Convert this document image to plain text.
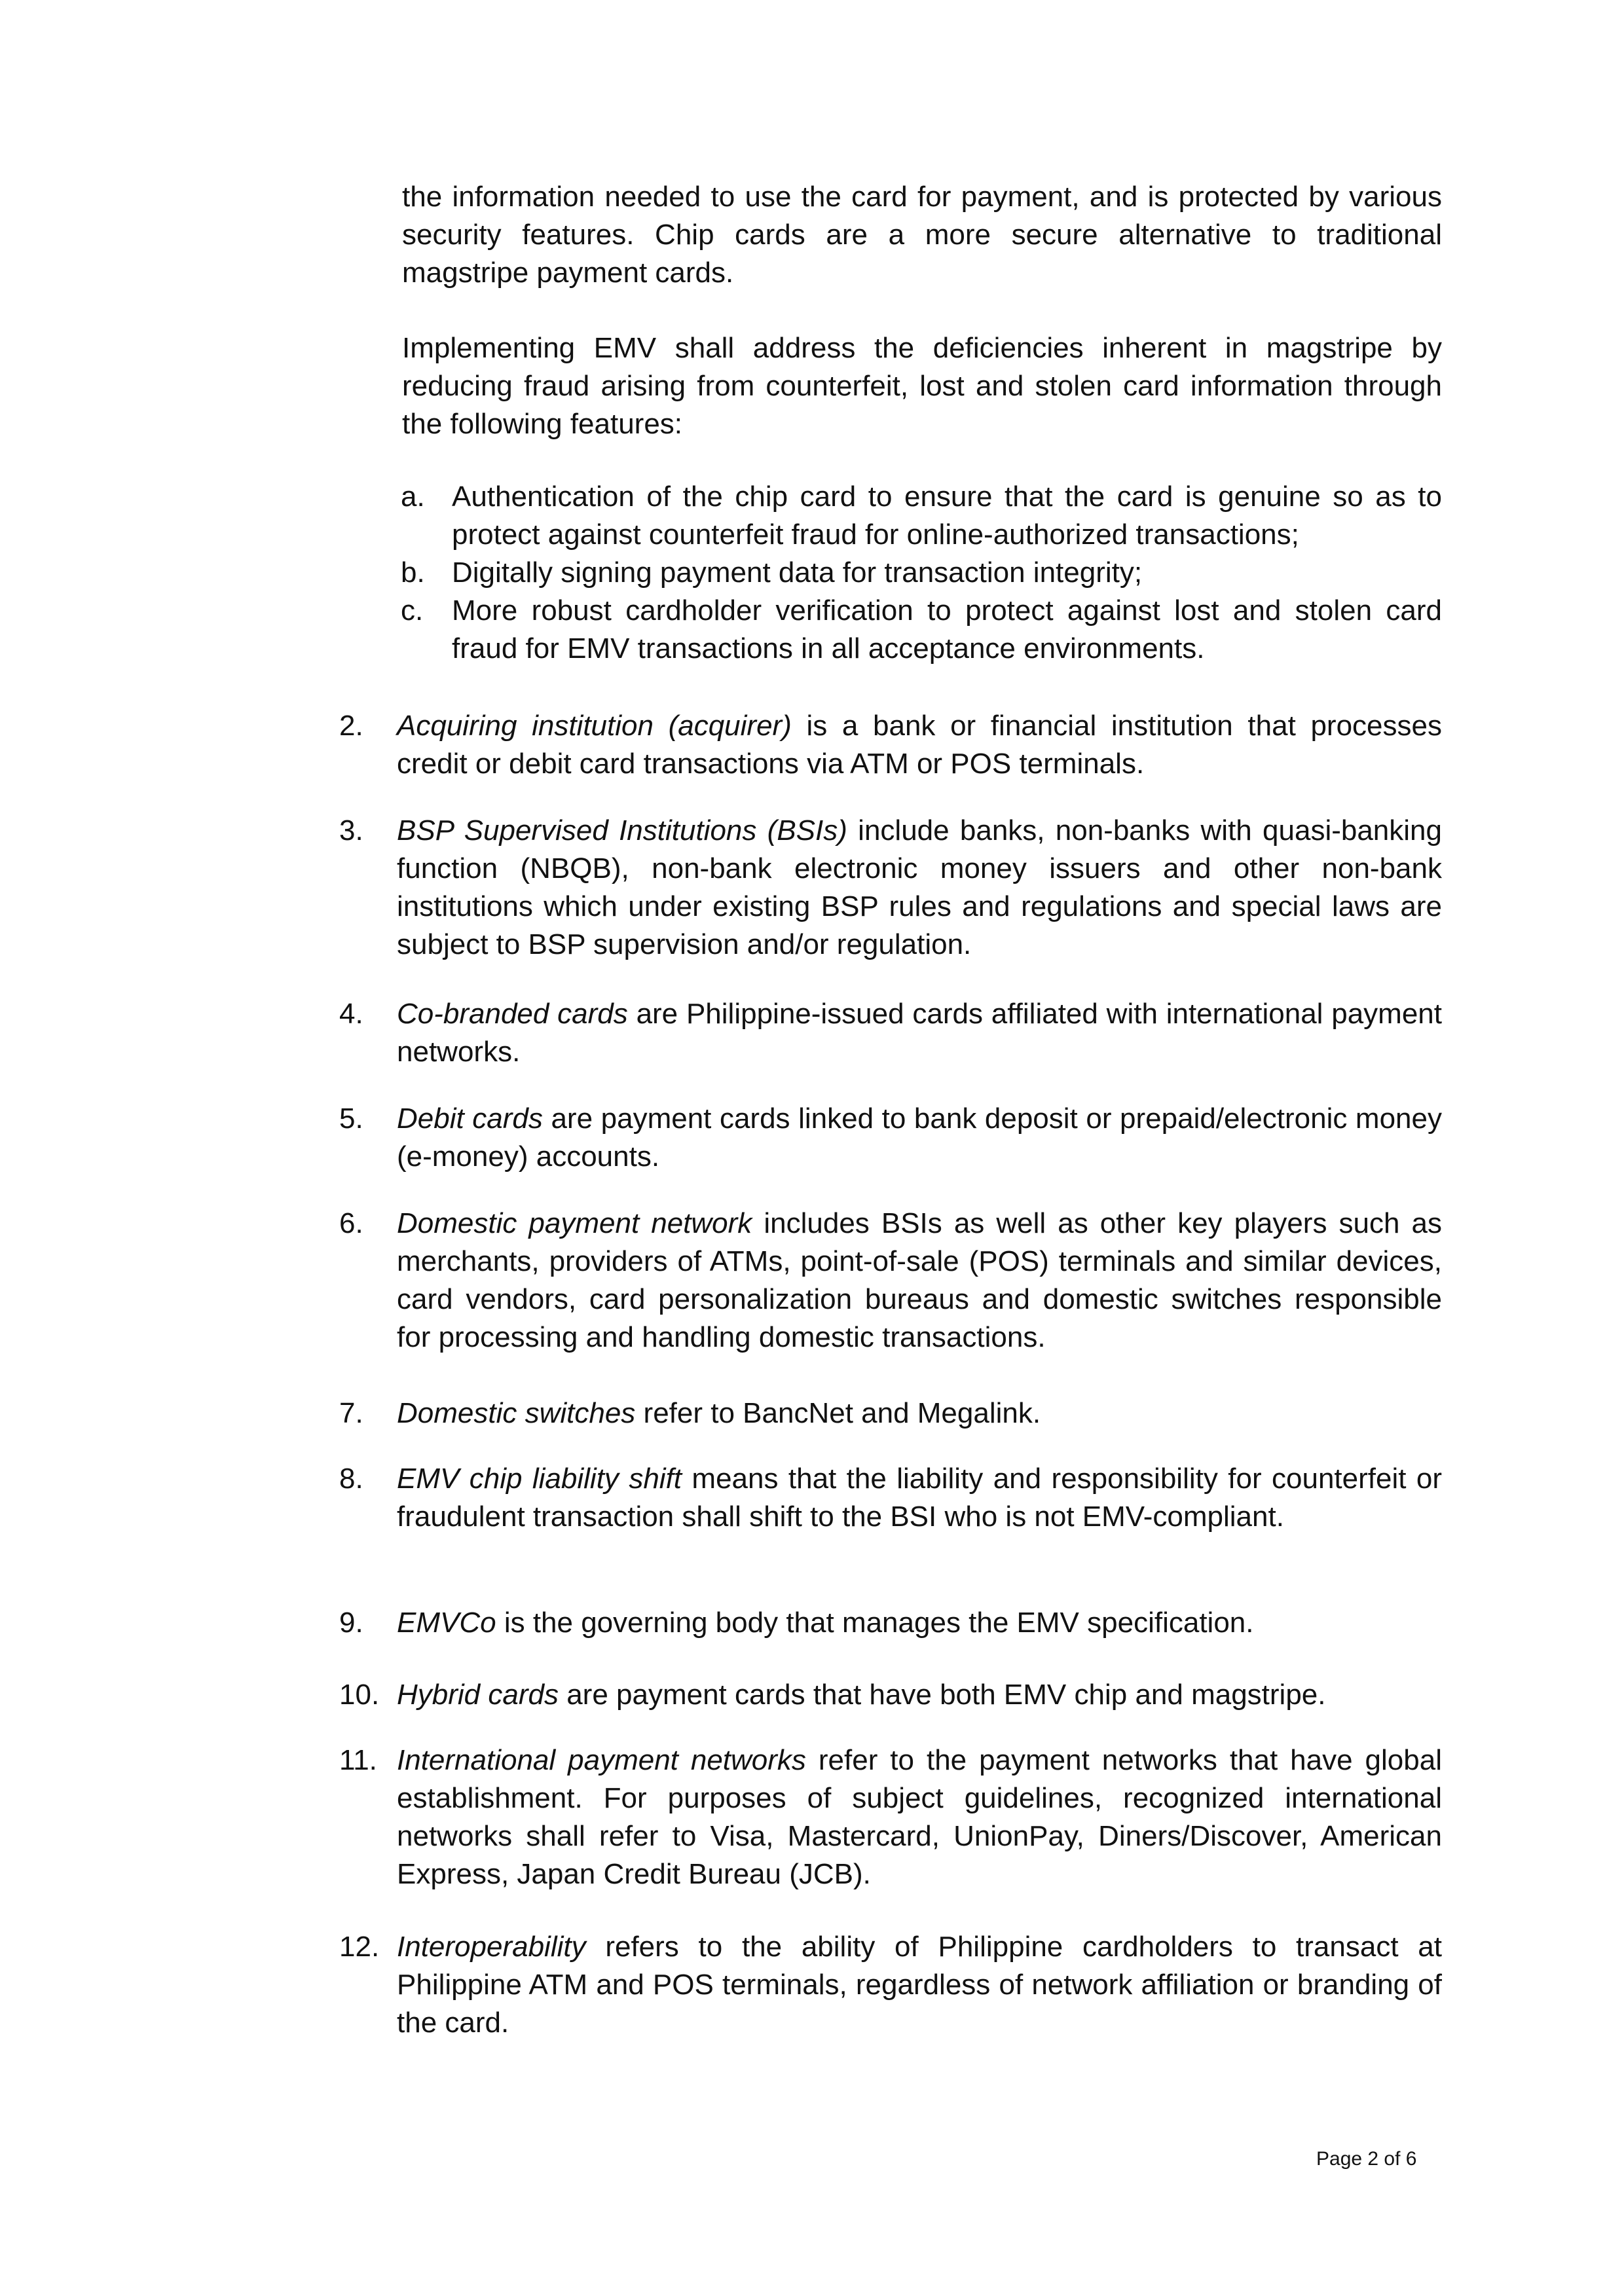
the information needed to use the card for payment, and is protected by various security features. Chip cards are a more secure alternative to traditional magstripe payment cards.

Implementing EMV shall address the deficiencies inherent in magstripe by reducing fraud arising from counterfeit, lost and stolen card information through the following features:

a. Authentication of the chip card to ensure that the card is genuine so as to protect against counterfeit fraud for online-authorized transactions;
b. Digitally signing payment data for transaction integrity;
c. More robust cardholder verification to protect against lost and stolen card fraud for EMV transactions in all acceptance environments.
2.	Acquiring institution (acquirer) is a bank or financial institution that processes credit or debit card transactions via ATM or POS terminals.
3.	BSP Supervised Institutions (BSIs) include banks, non-banks with quasi-banking function (NBQB), non-bank electronic money issuers and other non-bank institutions which under existing BSP rules and regulations and special laws are subject to BSP supervision and/or regulation.
4.	Co-branded cards are Philippine-issued cards affiliated with international payment networks.
5.	Debit cards are payment cards linked to bank deposit or prepaid/electronic money (e-money) accounts.
6.	Domestic payment network includes BSIs as well as other key players such as merchants, providers of ATMs, point-of-sale (POS) terminals and similar devices, card vendors, card personalization bureaus and domestic switches responsible for processing and handling domestic transactions.
7.	Domestic switches refer to BancNet and Megalink.
8.	EMV chip liability shift means that the liability and responsibility for counterfeit or fraudulent transaction shall shift to the BSI who is not EMV-compliant.
9.	EMVCo is the governing body that manages the EMV specification.
10. Hybrid cards are payment cards that have both EMV chip and magstripe.
11. International payment networks refer to the payment networks that have global establishment. For purposes of subject guidelines, recognized international networks shall refer to Visa, Mastercard, UnionPay, Diners/Discover, American Express, Japan Credit Bureau (JCB).
12. Interoperability refers to the ability of Philippine cardholders to transact at Philippine ATM and POS terminals, regardless of network affiliation or branding of the card.
Page 2 of 6
